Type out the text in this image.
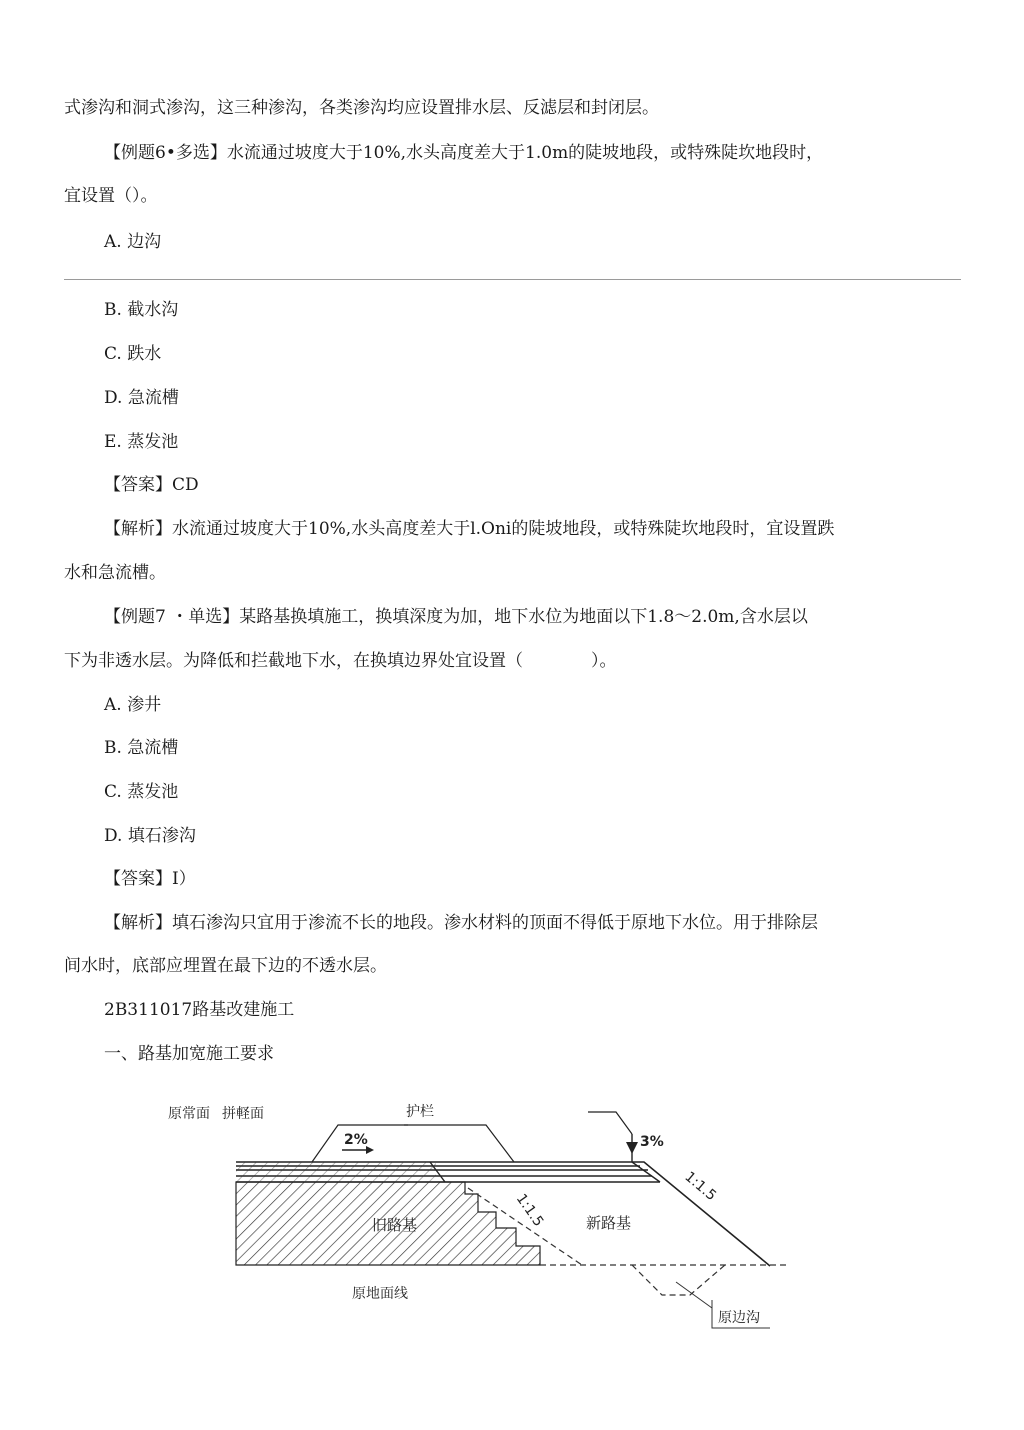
式渗沟和洞式渗沟，这三种渗沟，各类渗沟均应设置排水层、反滤层和封闭层。
【例题6•多选】水流通过坡度大于10%,水头高度差大于1.0m的陡坡地段，或特殊陡坎地段时，
宜设置（）。
A. 边沟
B. 截水沟
C. 跌水
D. 急流槽
E. 蒸发池
【答案】CD
【解析】水流通过坡度大于10%,水头高度差大于l.Oni的陡坡地段，或特殊陡坎地段时，宜设置跌
水和急流槽。
【例题7 ・单选】某路基换填施工，换填深度为加，地下水位为地面以下1.8～2.0m,含水层以
下为非透水层。为降低和拦截地下水，在换填边界处宜设置（　　　　）。
A. 渗井
B. 急流槽
C. 蒸发池
D. 填石渗沟
【答案】I）
【解析】填石渗沟只宜用于渗流不长的地段。渗水材料的顶面不得低于原地下水位。用于排除层
间水时，底部应埋置在最下边的不透水层。
2B311017路基改建施工
一、路基加宽施工要求
原常面 拼軽面	护栏
2%	3%
1:1.5
1:1.5
旧路基	新路基
原地面线
原边沟
